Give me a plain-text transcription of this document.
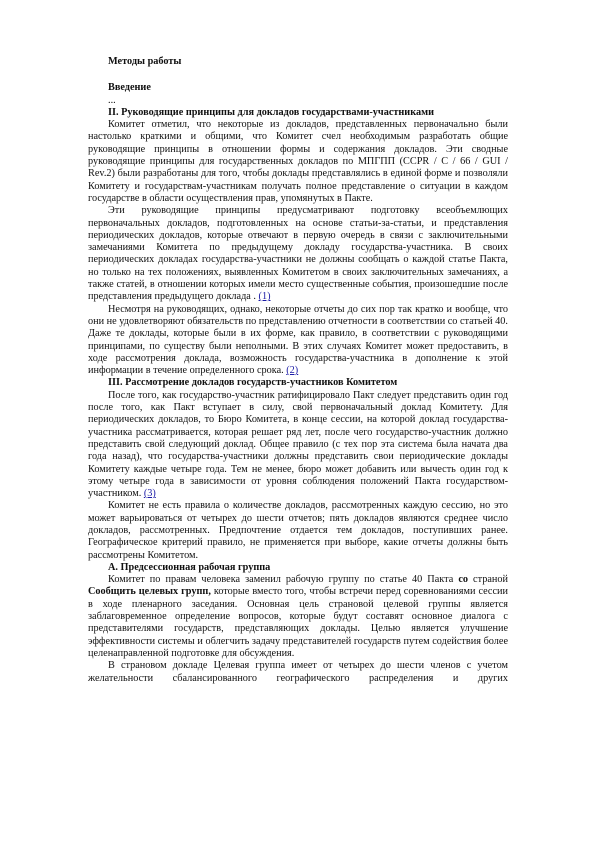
Методы работы
Введение
...
II. Руководящие принципы для докладов государствами-участниками

Комитет отметил, что некоторые из докладов, представленных первоначально были настолько краткими и общими, что Комитет счел необходимым разработать общие руководящие принципы в отношении формы и содержания докладов. Эти сводные руководящие принципы для государственных докладов по МПГПП (CCPR / C / 66 / GUI / Rev.2) были разработаны для того, чтобы доклады представлялись в единой форме и позволяли Комитету и государствам-участникам получать полное представление о ситуации в каждом государстве в области осуществления прав, упомянутых в Пакте.

Эти руководящие принципы предусматривают подготовку всеобъемлющих первоначальных докладов, подготовленных на основе статьи-за-статьи, и представления периодических докладов, которые отвечают в первую очередь в связи с заключительными замечаниями Комитета по предыдущему докладу государства-участника. В своих периодических докладах государства-участники не должны сообщать о каждой статье Пакта, но только на тех положениях, выявленных Комитетом в своих заключительных замечаниях, а также статей, в отношении которых имели место существенные события, произошедшие после представления предыдущего доклада . (1)

Несмотря на руководящих, однако, некоторые отчеты до сих пор так кратко и вообще, что они не удовлетворяют обязательств по представлению отчетности в соответствии со статьей 40. Даже те доклады, которые были в их форме, как правило, в соответствии с руководящими принципами, по существу были неполными. В этих случаях Комитет может предоставить, в ходе рассмотрения доклада, возможность государства-участника в дополнение к этой информации в течение определенного срока. (2)

III. Рассмотрение докладов государств-участников Комитетом

После того, как государство-участник ратифицировало Пакт следует представить один год после того, как Пакт вступает в силу, свой первоначальный доклад Комитету. Для периодических докладов, то Бюро Комитета, в конце сессии, на которой доклад государства-участника рассматривается, которая решает ряд лет, после чего государство-участник должно представить свой следующий доклад. Общее правило (с тех пор эта система была начата два года назад), что государства-участники должны представить свои периодические доклады Комитету каждые четыре года. Тем не менее, бюро может добавить или вычесть один год к этому четыре года в зависимости от уровня соблюдения положений Пакта государством-участником. (3)

Комитет не есть правила о количестве докладов, рассмотренных каждую сессию, но это может варьироваться от четырех до шести отчетов; пять докладов являются среднее число докладов, рассмотренных. Предпочтение отдается тем докладов, поступивших ранее. Географическое критерий правило, не применяется при выборе, какие отчеты должны быть рассмотрены Комитетом.

A. Предсессионная рабочая группа

Комитет по правам человека заменил рабочую группу по статье 40 Пакта со страной Сообщить целевых групп, которые вместо того, чтобы встречи перед соревнованиями сессии в ходе пленарного заседания. Основная цель страновой целевой группы является заблаговременное определение вопросов, которые будут составят основное диалога с представителями государств, представляющих доклады. Целью является улучшение эффективности системы и облегчить задачу представителей государств путем содействия более целенаправленной подготовке для обсуждения.

В страновом докладе Целевая группа имеет от четырех до шести членов с учетом желательности сбалансированного географического распределения и других
